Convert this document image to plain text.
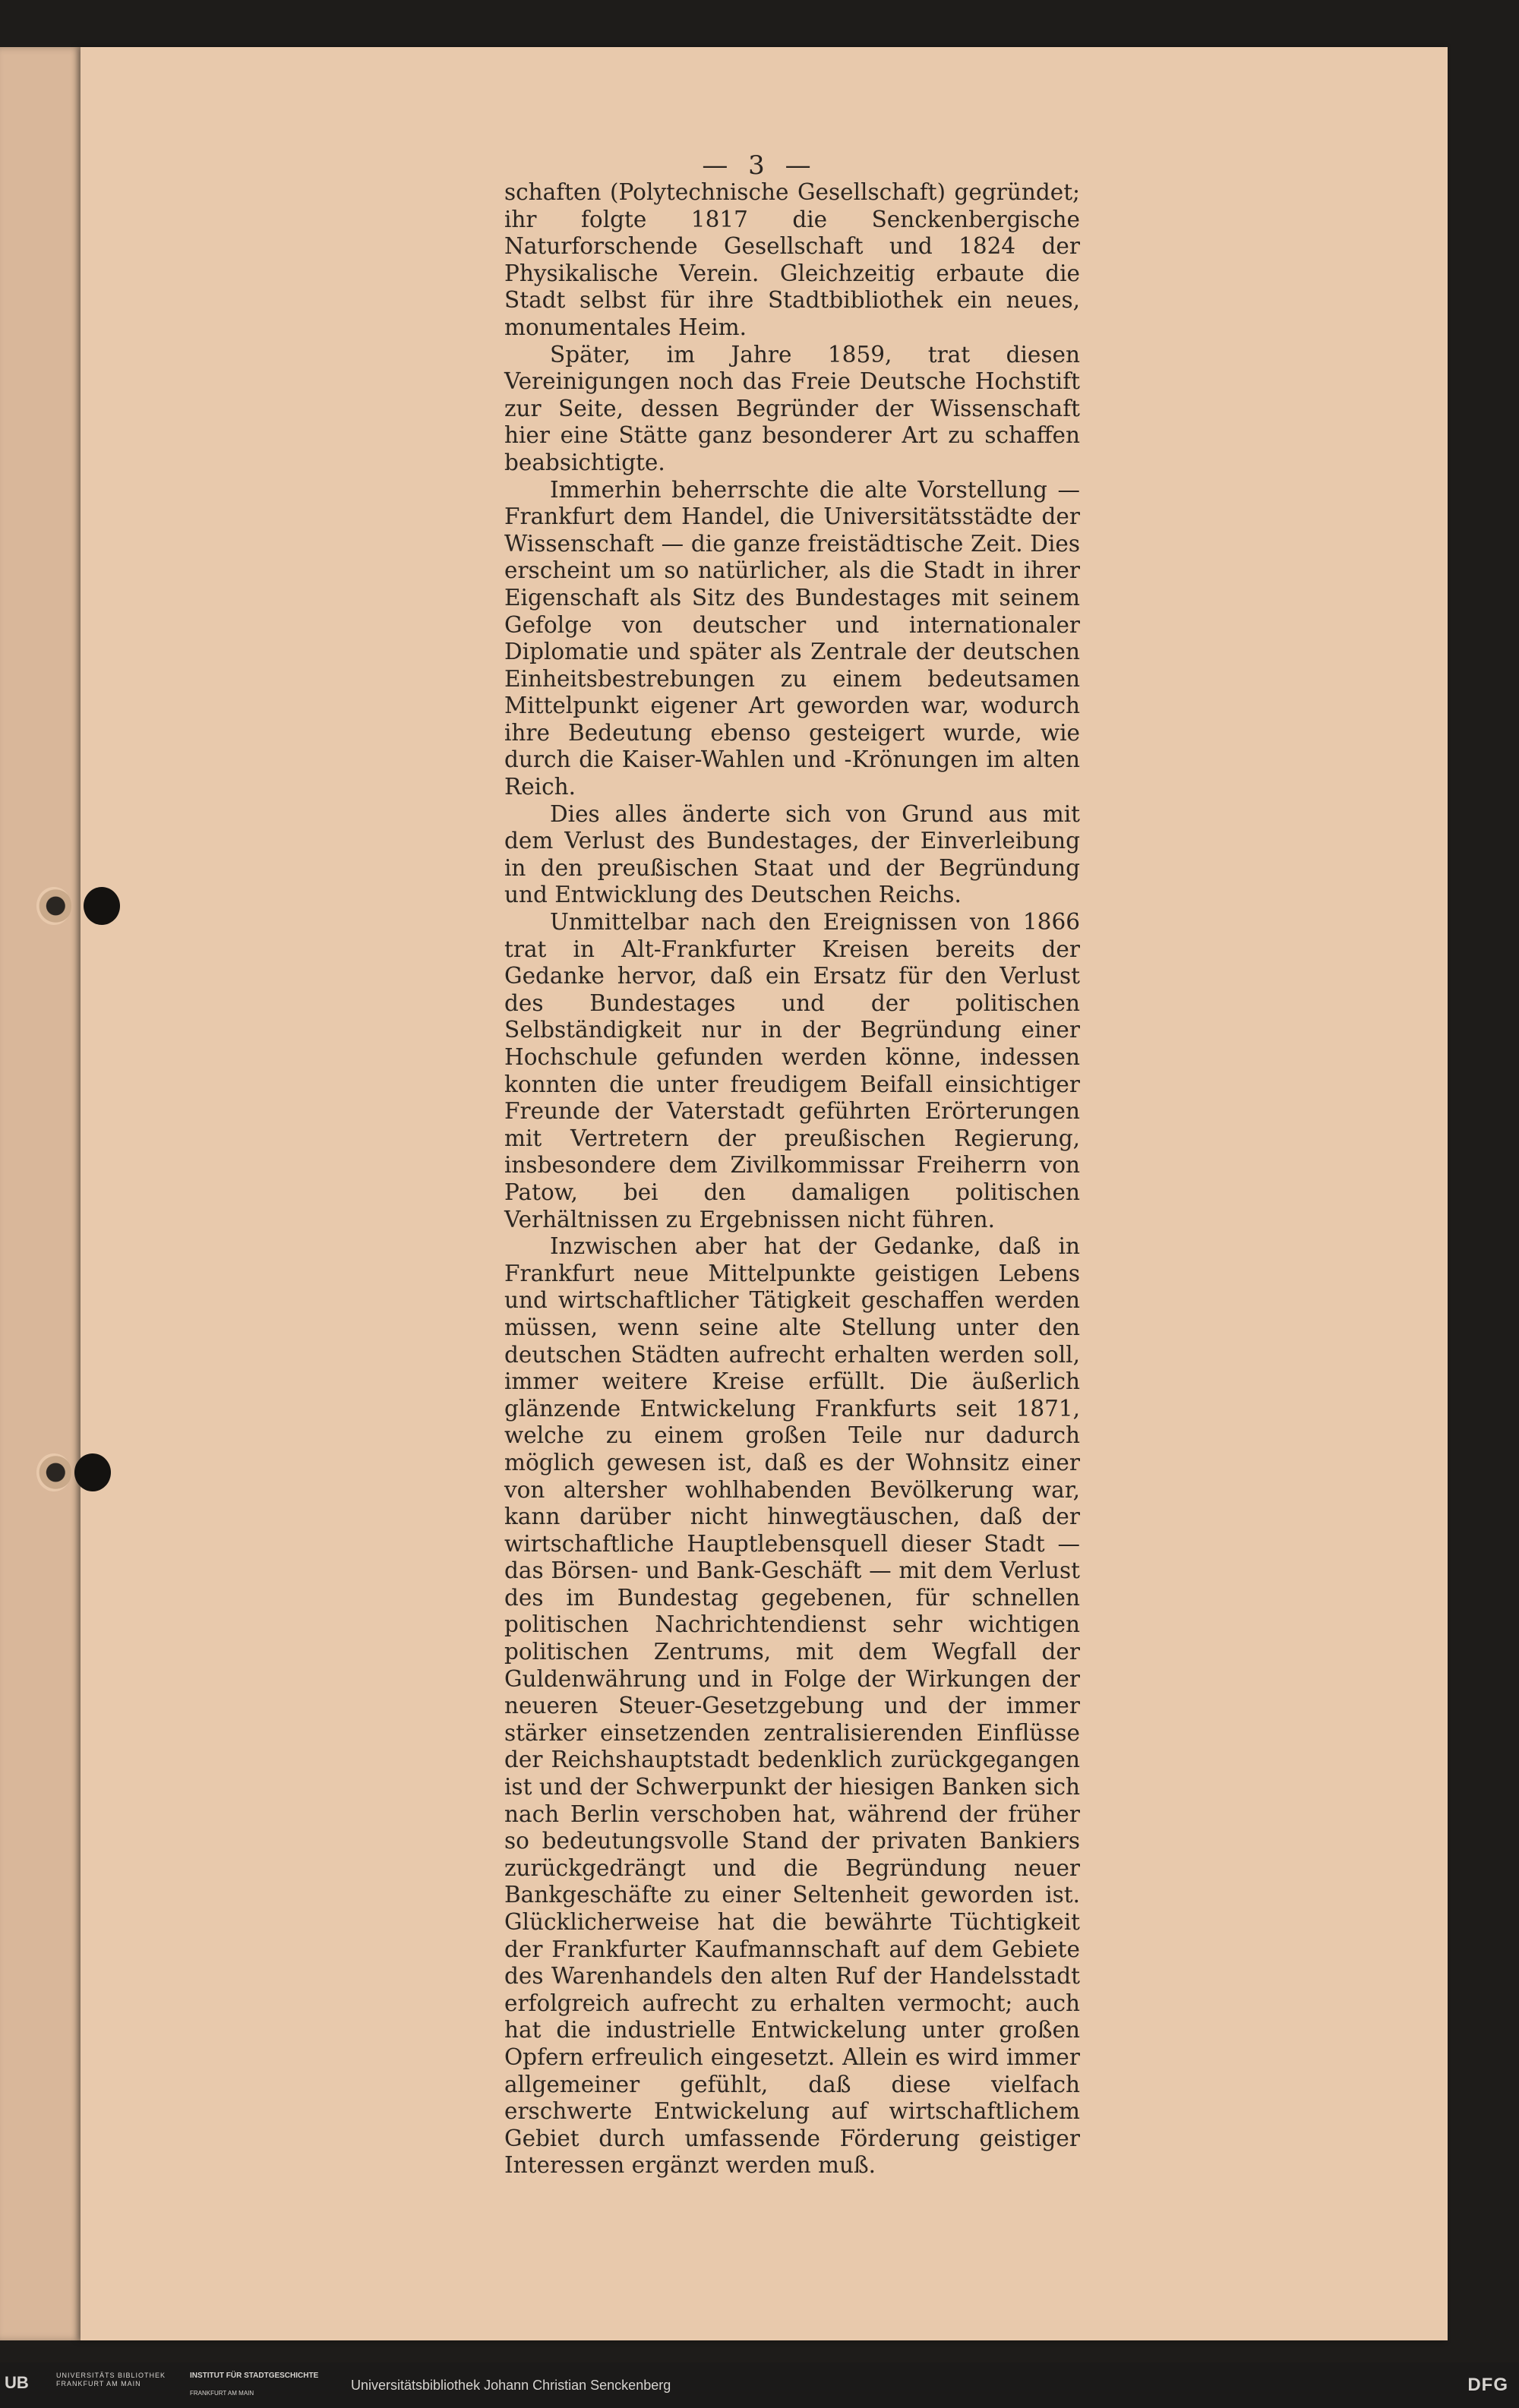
— 3 —

schaften (Polytechnische Gesellschaft) gegründet; ihr folgte 1817 die Senckenbergische Naturforschende Gesellschaft und 1824 der Physikalische Verein. Gleichzeitig erbaute die Stadt selbst für ihre Stadtbibliothek ein neues, monumentales Heim.

Später, im Jahre 1859, trat diesen Vereinigungen noch das Freie Deutsche Hochstift zur Seite, dessen Begründer der Wissenschaft hier eine Stätte ganz besonderer Art zu schaffen beabsichtigte.

Immerhin beherrschte die alte Vorstellung — Frankfurt dem Handel, die Universitätsstädte der Wissenschaft — die ganze freistädtische Zeit. Dies erscheint um so natürlicher, als die Stadt in ihrer Eigenschaft als Sitz des Bundestages mit seinem Gefolge von deutscher und internationaler Diplomatie und später als Zentrale der deutschen Einheitsbestrebungen zu einem bedeutsamen Mittelpunkt eigener Art geworden war, wodurch ihre Bedeutung ebenso gesteigert wurde, wie durch die Kaiser-Wahlen und -Krönungen im alten Reich.

Dies alles änderte sich von Grund aus mit dem Verlust des Bundestages, der Einverleibung in den preußischen Staat und der Begründung und Entwicklung des Deutschen Reichs.

Unmittelbar nach den Ereignissen von 1866 trat in Alt-Frankfurter Kreisen bereits der Gedanke hervor, daß ein Ersatz für den Verlust des Bundestages und der politischen Selbständigkeit nur in der Begründung einer Hochschule gefunden werden könne, indessen konnten die unter freudigem Beifall einsichtiger Freunde der Vaterstadt geführten Erörterungen mit Vertretern der preußischen Regierung, insbesondere dem Zivilkommissar Freiherrn von Patow, bei den damaligen politischen Verhältnissen zu Ergebnissen nicht führen.

Inzwischen aber hat der Gedanke, daß in Frankfurt neue Mittelpunkte geistigen Lebens und wirtschaftlicher Tätigkeit geschaffen werden müssen, wenn seine alte Stellung unter den deutschen Städten aufrecht erhalten werden soll, immer weitere Kreise erfüllt. Die äußerlich glänzende Entwickelung Frankfurts seit 1871, welche zu einem großen Teile nur dadurch möglich gewesen ist, daß es der Wohnsitz einer von altersher wohlhabenden Bevölkerung war, kann darüber nicht hinwegtäuschen, daß der wirtschaftliche Hauptlebensquell dieser Stadt — das Börsen- und Bank-Geschäft — mit dem Verlust des im Bundestag gegebenen, für schnellen politischen Nachrichtendienst sehr wichtigen politischen Zentrums, mit dem Wegfall der Guldenwährung und in Folge der Wirkungen der neueren Steuer-Gesetzgebung und der immer stärker einsetzenden zentralisierenden Einflüsse der Reichshauptstadt bedenklich zurückgegangen ist und der Schwerpunkt der hiesigen Banken sich nach Berlin verschoben hat, während der früher so bedeutungsvolle Stand der privaten Bankiers zurückgedrängt und die Begründung neuer Bankgeschäfte zu einer Seltenheit geworden ist. Glücklicherweise hat die bewährte Tüchtigkeit der Frankfurter Kaufmannschaft auf dem Gebiete des Warenhandels den alten Ruf der Handelsstadt erfolgreich aufrecht zu erhalten vermocht; auch hat die industrielle Entwickelung unter großen Opfern erfreulich eingesetzt. Allein es wird immer allgemeiner gefühlt, daß diese vielfach erschwerte Entwickelung auf wirtschaftlichem Gebiet durch umfassende Förderung geistiger Interessen ergänzt werden muß.

UB	UNIVERSITÄTS BIBLIOTHEK FRANKFURT AM MAIN
INSTITUT FÜR STADTGESCHICHTE
FRANKFURT AM MAIN
Universitätsbibliothek Johann Christian Senckenberg	DFG
